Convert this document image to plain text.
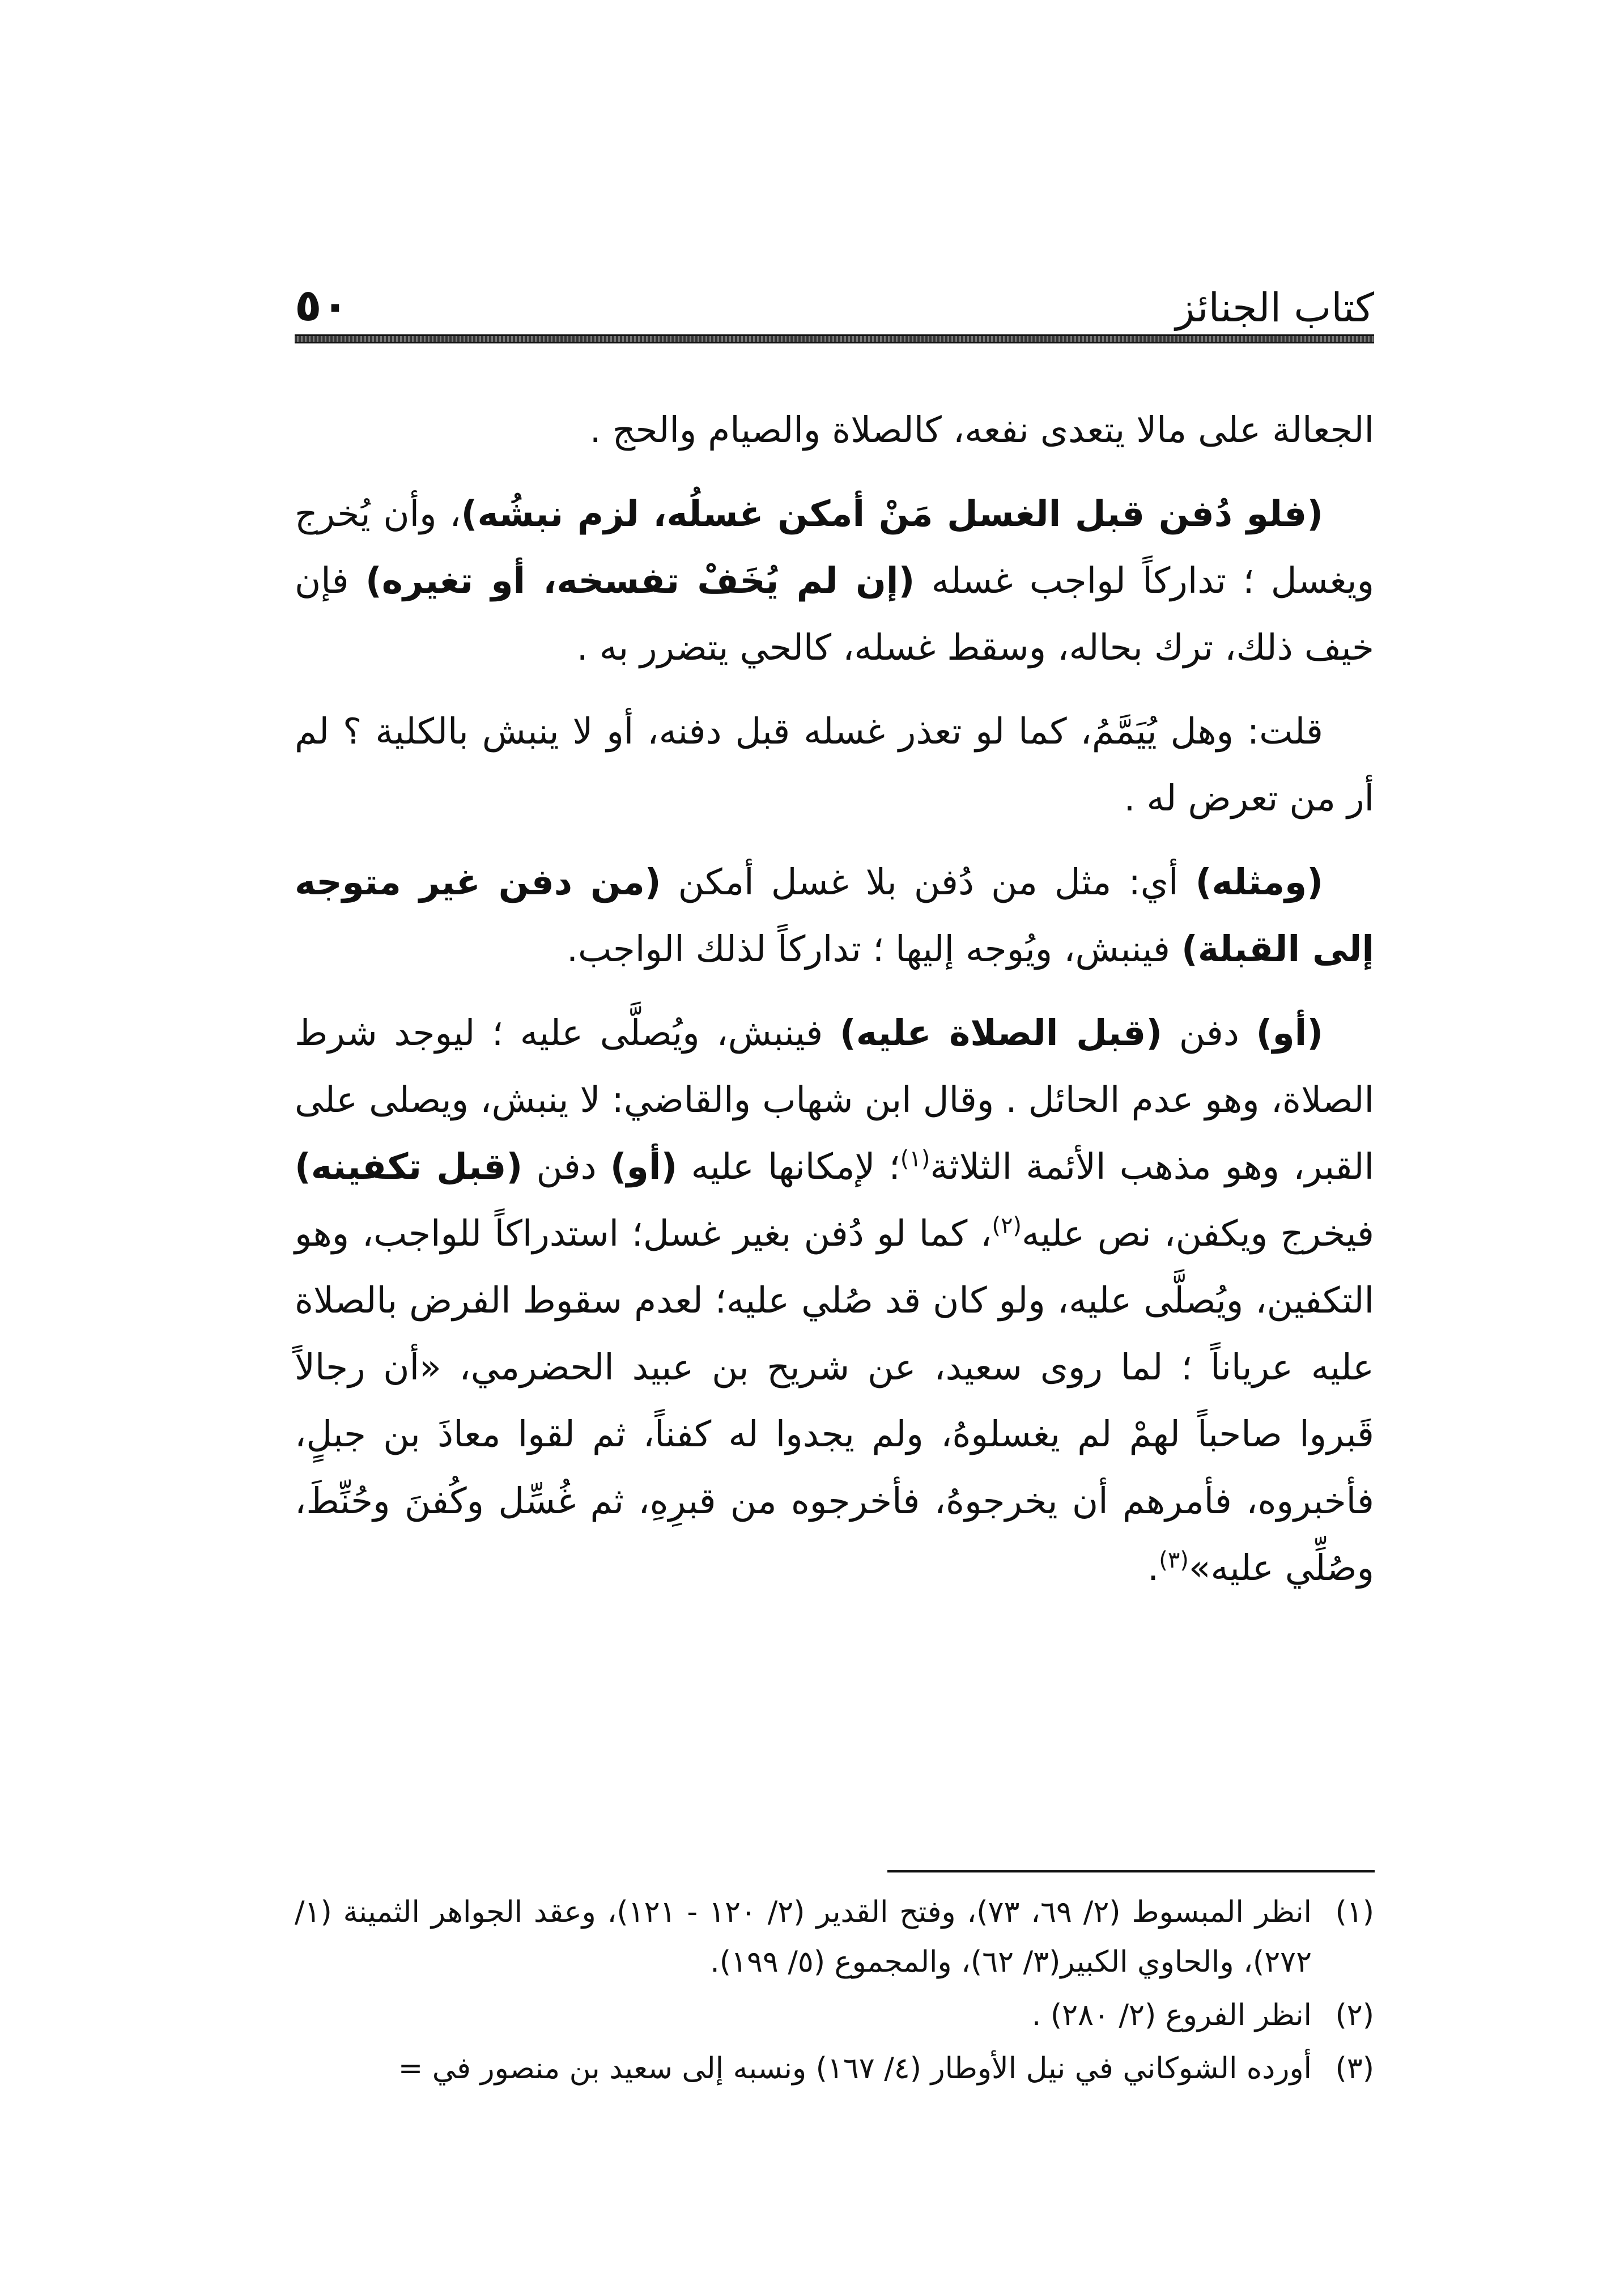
كتاب الجنائز
٥٠

الجعالة على مالا يتعدى نفعه، كالصلاة والصيام والحج .

(فلو دُفن قبل الغسل مَنْ أمكن غسلُه، لزم نبشُه)، وأن يُخرج ويغسل ؛ تداركاً لواجب غسله (إن لم يُخَفْ تفسخه، أو تغيره) فإن خيف ذلك، ترك بحاله، وسقط غسله، كالحي يتضرر به .

قلت: وهل يُيَمَّمُ، كما لو تعذر غسله قبل دفنه، أو لا ينبش بالكلية ؟ لم أر من تعرض له .

(ومثله) أي: مثل من دُفن بلا غسل أمكن (من دفن غير متوجه إلى القبلة) فينبش، ويُوجه إليها ؛ تداركاً لذلك الواجب.

(أو) دفن (قبل الصلاة عليه) فينبش، ويُصلَّى عليه ؛ ليوجد شرط الصلاة، وهو عدم الحائل . وقال ابن شهاب والقاضي: لا ينبش، ويصلى على القبر، وهو مذهب الأئمة الثلاثة$^{(١)}$؛ لإمكانها عليه (أو) دفن (قبل تكفينه) فيخرج ويكفن، نص عليه$^{(٢)}$، كما لو دُفن بغير غسل؛ استدراكاً للواجب، وهو التكفين، ويُصلَّى عليه، ولو كان قد صُلي عليه؛ لعدم سقوط الفرض بالصلاة عليه عرياناً ؛ لما روى سعيد، عن شريح بن عبيد الحضرمي، «أن رجالاً قَبروا صاحباً لهمْ لم يغسلوهُ، ولم يجدوا له كفناً، ثم لقوا معاذَ بن جبلٍ، فأخبروه، فأمرهم أن يخرجوهُ، فأخرجوه من قبرِهِ، ثم غُسِّل وكُفنَ وحُنِّطَ، وصُلِّي عليه»$^{(٣)}$.

(١)
انظر المبسوط (٢/ ٦٩، ٧٣)، وفتح القدير (٢/ ١٢٠ - ١٢١)، وعقد الجواهر الثمينة (١/ ٢٧٢)، والحاوي الكبير(٣/ ٦٢)، والمجموع (٥/ ١٩٩).
(٢)
انظر الفروع (٢/ ٢٨٠) .
(٣)
أورده الشوكاني في نيل الأوطار (٤/ ١٦٧) ونسبه إلى سعيد بن منصور في =
